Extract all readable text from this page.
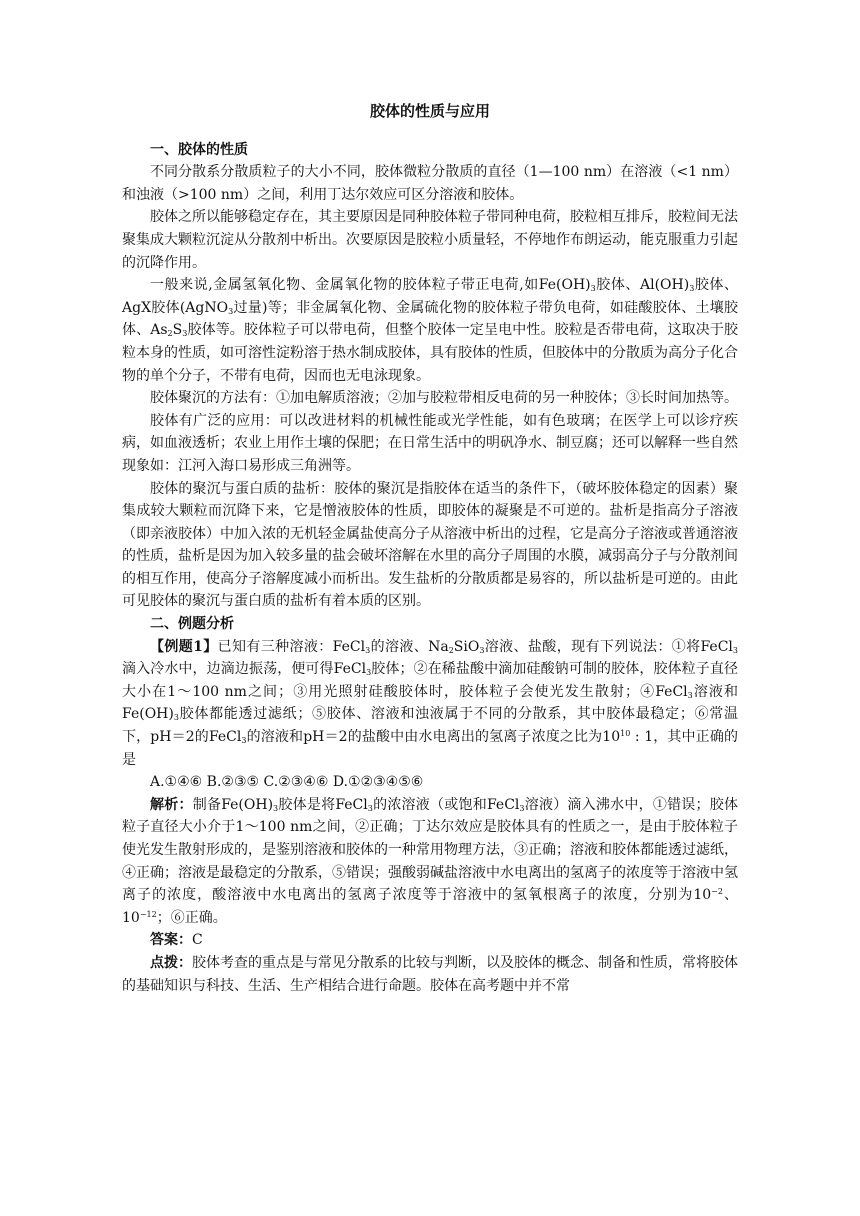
胶体的性质与应用
一、胶体的性质

不同分散系分散质粒子的大小不同，胶体微粒分散质的直径（1—100 nm）在溶液（<1 nm）和浊液（>100 nm）之间，利用丁达尔效应可区分溶液和胶体。

胶体之所以能够稳定存在，其主要原因是同种胶体粒子带同种电荷，胶粒相互排斥，胶粒间无法聚集成大颗粒沉淀从分散剂中析出。次要原因是胶粒小质量轻，不停地作布朗运动，能克服重力引起的沉降作用。

一般来说,金属氢氧化物、金属氧化物的胶体粒子带正电荷,如$Fe(OH)_3$胶体、$Al(OH)_3$胶体、AgX胶体(AgNO$_3$过量)等；非金属氧化物、金属硫化物的胶体粒子带负电荷，如硅酸胶体、土壤胶体、$As_2S_3$胶体等。胶体粒子可以带电荷，但整个胶体一定呈电中性。胶粒是否带电荷，这取决于胶粒本身的性质，如可溶性淀粉溶于热水制成胶体，具有胶体的性质，但胶体中的分散质为高分子化合物的单个分子，不带有电荷，因而也无电泳现象。

胶体聚沉的方法有：①加电解质溶液；②加与胶粒带相反电荷的另一种胶体；③长时间加热等。

胶体有广泛的应用：可以改进材料的机械性能或光学性能，如有色玻璃；在医学上可以诊疗疾病，如血液透析；农业上用作土壤的保肥；在日常生活中的明矾净水、制豆腐；还可以解释一些自然现象如：江河入海口易形成三角洲等。

胶体的聚沉与蛋白质的盐析：胶体的聚沉是指胶体在适当的条件下，（破坏胶体稳定的因素）聚集成较大颗粒而沉降下来，它是憎液胶体的性质，即胶体的凝聚是不可逆的。盐析是指高分子溶液（即亲液胶体）中加入浓的无机轻金属盐使高分子从溶液中析出的过程，它是高分子溶液或普通溶液的性质，盐析是因为加入较多量的盐会破坏溶解在水里的高分子周围的水膜，减弱高分子与分散剂间的相互作用，使高分子溶解度减小而析出。发生盐析的分散质都是易容的，所以盐析是可逆的。由此可见胶体的聚沉与蛋白质的盐析有着本质的区别。

二、例题分析

【例题1】已知有三种溶液：FeCl$_3$的溶液、$Na_2SiO_3$溶液、盐酸，现有下列说法：①将FeCl$_3$滴入冷水中，边滴边振荡，便可得FeCl$_3$胶体；②在稀盐酸中滴加硅酸钠可制的胶体，胶体粒子直径大小在1～100 nm之间；③用光照射硅酸胶体时，胶体粒子会使光发生散射；④FeCl$_3$溶液和$Fe(OH)_3$胶体都能透过滤纸；⑤胶体、溶液和浊液属于不同的分散系，其中胶体最稳定；⑥常温下，pH＝2的FeCl$_3$的溶液和pH＝2的盐酸中由水电离出的氢离子浓度之比为$10^{10}$ : 1，其中正确的是

A.①④⑥ B.②③⑤ C.②③④⑥ D.①②③④⑤⑥

解析：制备$Fe(OH)_3$胶体是将FeCl$_3$的浓溶液（或饱和FeCl$_3$溶液）滴入沸水中，①错误；胶体粒子直径大小介于1～100 nm之间，②正确；丁达尔效应是胶体具有的性质之一，是由于胶体粒子使光发生散射形成的，是鉴别溶液和胶体的一种常用物理方法，③正确；溶液和胶体都能透过滤纸，④正确；溶液是最稳定的分散系，⑤错误；强酸弱碱盐溶液中水电离出的氢离子的浓度等于溶液中氢离子的浓度，酸溶液中水电离出的氢离子浓度等于溶液中的氢氧根离子的浓度，分别为$10^{-2}$、$10^{-12}$；⑥正确。

答案：C

点拨：胶体考查的重点是与常见分散系的比较与判断，以及胶体的概念、制备和性质，常将胶体的基础知识与科技、生活、生产相结合进行命题。胶体在高考题中并不常
